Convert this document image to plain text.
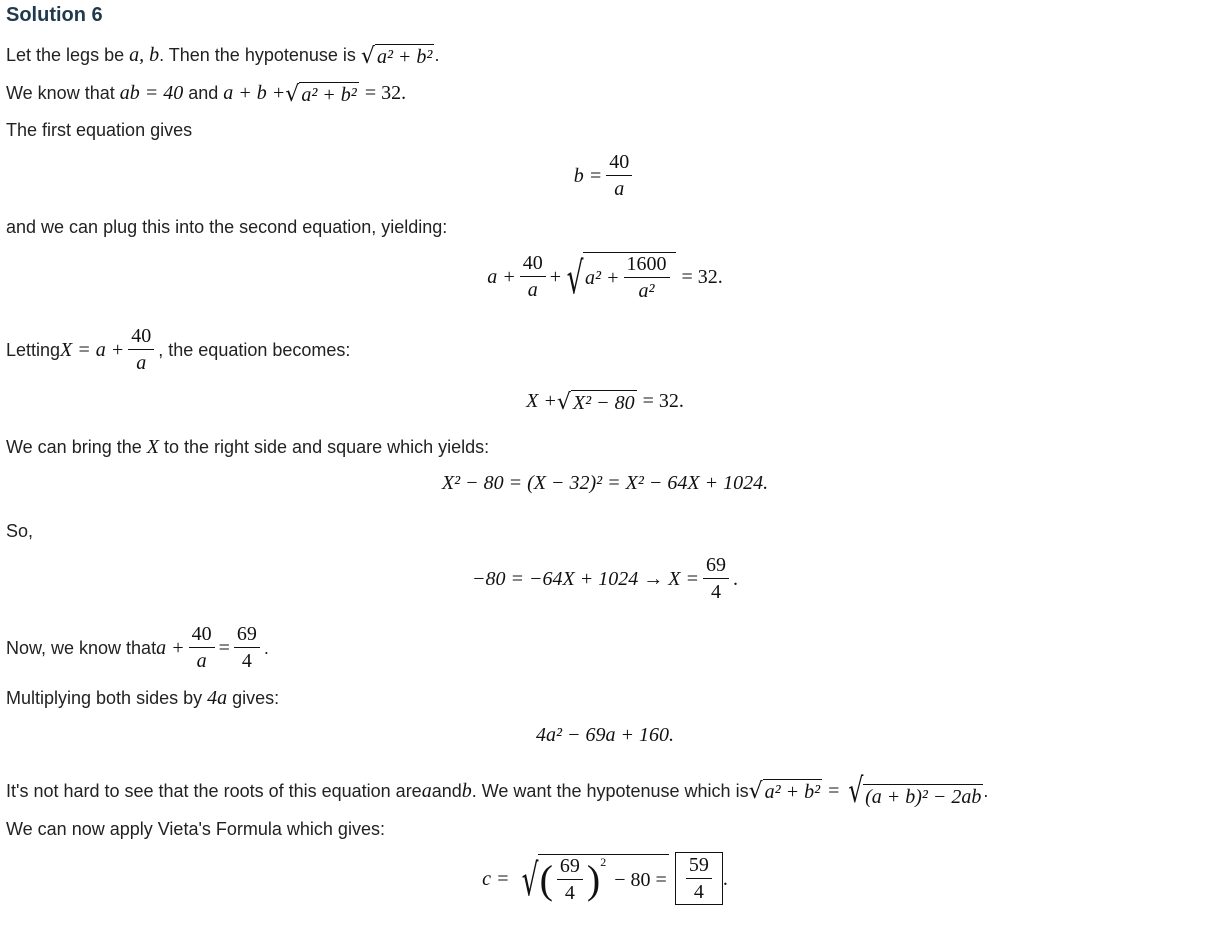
Solution 6
Let the legs be a, b. Then the hypotenuse is √ a² + b² .
We know that ab = 40 and a + b + √ a² + b² = 32.
The first equation gives
$b = \frac{40}{a}$
and we can plug this into the second equation, yielding:
$a + \frac{40}{a}$ + √ $a^2 + \frac{1600}{\text{a²}} = 32$.
Letting $X = a + \frac{40}{a}$ , the equation becomes:
X + √ X² − 80 = 32.
We can bring the X to the right side and square which yields:
X² − 80 = (X − 32)² = X² − 64X + 1024.
So,
$-80 = -64X + 1024 \to X = \frac{69}{4}$ .
Now, we know that $a + \frac{40}{a} = \frac{69}{4}$ .
Multiplying both sides by 4a gives:
4a² − 69a + 160.
It's not hard to see that the roots of this equation are a and b . We want the hypotenuse which is √ a² + b² = √ (a + b)² − 2ab .
We can now apply Vieta's Formula which gives:
c = √ ( $\frac{69}{4}$ ) 2
− $80 = \frac{59}{4}$ .
